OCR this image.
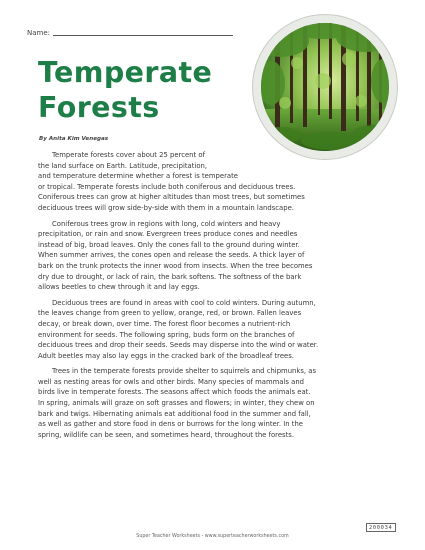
Name:
Temperate
Forests
By Anita Kim Venegas

Temperate forests cover about 25 percent of
the land surface on Earth. Latitude, precipitation,
and temperature determine whether a forest is temperate
or tropical. Temperate forests include both coniferous and deciduous trees.
Coniferous trees can grow at higher altitudes than most trees, but sometimes
deciduous trees will grow side-by-side with them in a mountain landscape.

Coniferous trees grow in regions with long, cold winters and heavy
precipitation, or rain and snow. Evergreen trees produce cones and needles
instead of big, broad leaves. Only the cones fall to the ground during winter.
When summer arrives, the cones open and release the seeds. A thick layer of
bark on the trunk protects the inner wood from insects. When the tree becomes
dry due to drought, or lack of rain, the bark softens. The softness of the bark
allows beetles to chew through it and lay eggs.

Deciduous trees are found in areas with cool to cold winters. During autumn,
the leaves change from green to yellow, orange, red, or brown. Fallen leaves
decay, or break down, over time. The forest floor becomes a nutrient-rich
environment for seeds. The following spring, buds form on the branches of
deciduous trees and drop their seeds. Seeds may disperse into the wind or water.
Adult beetles may also lay eggs in the cracked bark of the broadleaf trees.

Trees in the temperate forests provide shelter to squirrels and chipmunks, as
well as nesting areas for owls and other birds. Many species of mammals and
birds live in temperate forests. The seasons affect which foods the animals eat.
In spring, animals will graze on soft grasses and flowers; in winter, they chew on
bark and twigs. Hibernating animals eat additional food in the summer and fall,
as well as gather and store food in dens or burrows for the long winter. In the
spring, wildlife can be seen, and sometimes heard, throughout the forests.

Super Teacher Worksheets - www.superteacherworksheets.com
200034
